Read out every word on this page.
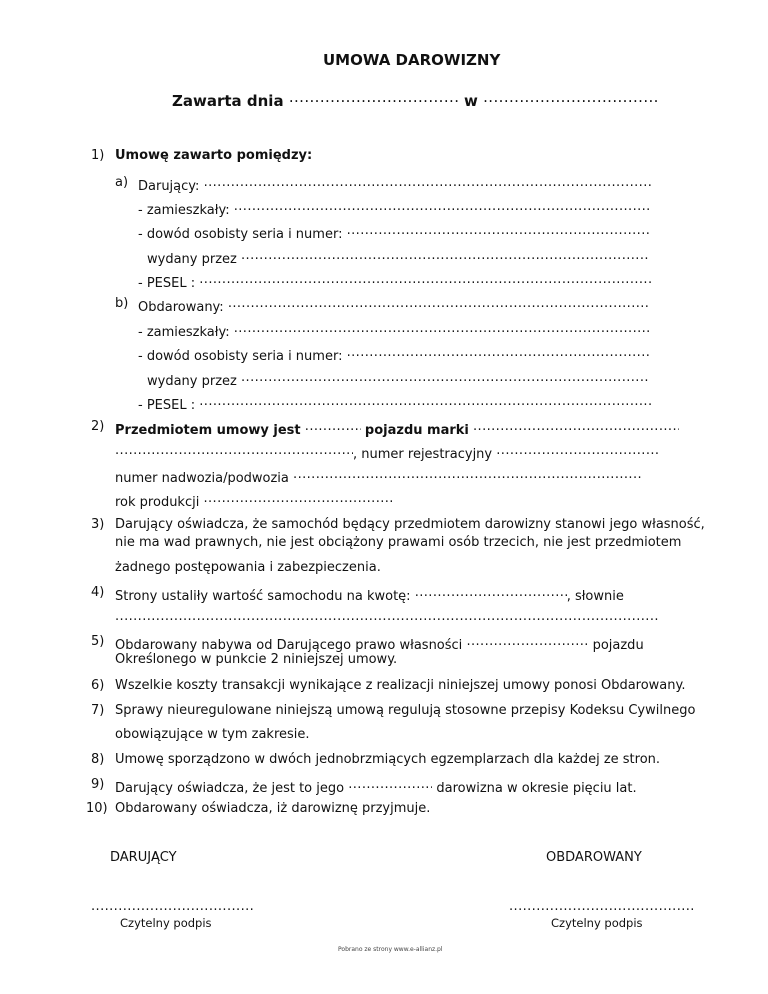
UMOWA DAROWIZNY
Zawarta dnia .....	w .....
1) Umowę zawarto pomiędzy:
a) Darujący: .....
- zamieszkały: .....
- dowód osobisty seria i numer: .....
wydany przez .....
- PESEL : .....
b) Obdarowany: .....
- zamieszkały: .....
- dowód osobisty seria i numer: .....
wydany przez .....
- PESEL : .....
2) Przedmiotem umowy jest .....	pojazdu marki .....
....., numer rejestracyjny .....
numer nadwozia/podwozia .....
rok produkcji .....
3) Darujący oświadcza, że samochód będący przedmiotem darowizny stanowi jego własność,
nie ma wad prawnych, nie jest obciążony prawami osób trzecich, nie jest przedmiotem
żadnego postępowania i zabezpieczenia.
4) Strony ustaliły wartość samochodu na kwotę: .....	, słownie
.....
5) Obdarowany nabywa od Darującego prawo własności .....	pojazdu
Określonego w punkcie 2 niniejszej umowy.
6) Wszelkie koszty transakcji wynikające z realizacji niniejszej umowy ponosi Obdarowany.
7) Sprawy nieuregulowane niniejszą umową regulują stosowne przepisy Kodeksu Cywilnego
obowiązujące w tym zakresie.
8) Umowę sporządzono w dwóch jednobrzmiących egzemplarzach dla każdej ze stron.
9) Darujący oświadcza, że jest to jego .....	darowizna w okresie pięciu lat.
10) Obdarowany oświadcza, iż darowiznę przyjmuje.
DARUJĄCY	OBDAROWANY
.....
.....
Czytelny podpis	Czytelny podpis
Pobrano ze strony www.e-allianz.pl
